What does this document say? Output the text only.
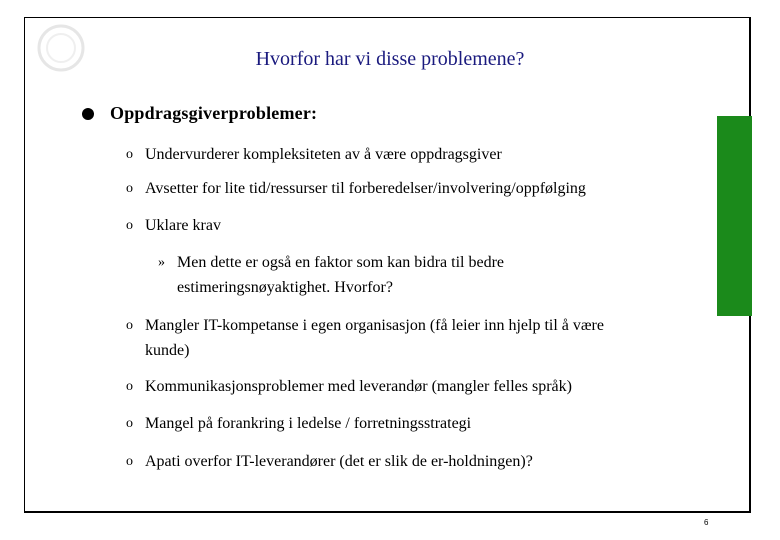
Hvorfor har vi disse problemene?
Oppdragsgiverproblemer:
o Undervurderer kompleksiteten av å være oppdragsgiver
o Avsetter for lite tid/ressurser til forberedelser/involvering/oppfølging
o Uklare krav
» Men dette er også en faktor som kan bidra til bedre
estimeringsnøyaktighet. Hvorfor?
o Mangler IT-kompetanse i egen organisasjon (få leier inn hjelp til å være
kunde)
o Kommunikasjonsproblemer med leverandør (mangler felles språk)
o Mangel på forankring i ledelse / forretningsstrategi
o Apati overfor IT-leverandører (det er slik de er-holdningen)?
6
